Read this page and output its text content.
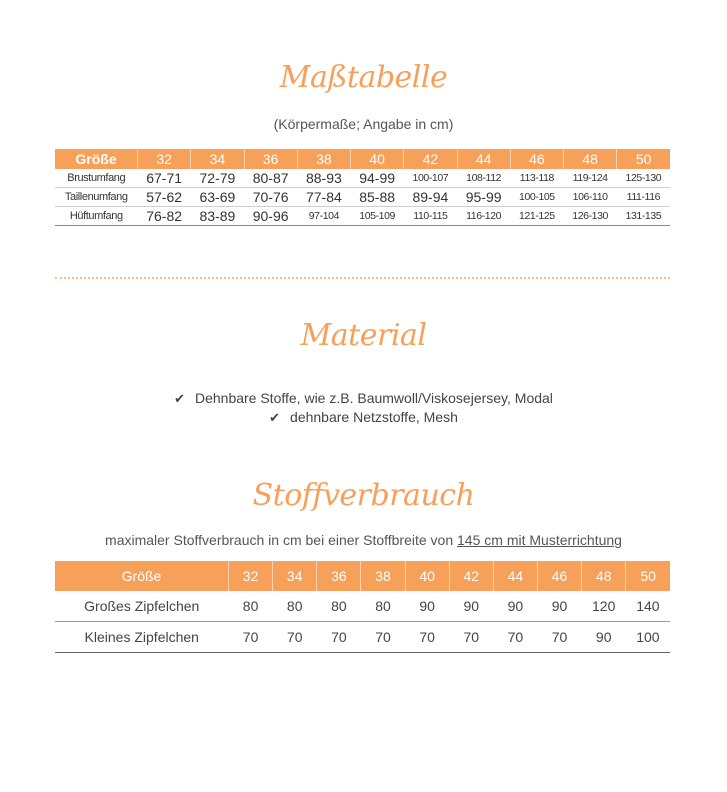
Maßtabelle
(Körpermaße; Angabe in cm)
Größe	32	34	36	38	40	42	44	46	48	50
Brustumfang	67-71	72-79	80-87	88-93	94-99	100-107	108-112	113-118	119-124	125-130
Taillenumfang	57-62	63-69	70-76	77-84	85-88	89-94	95-99	100-105	106-110	111-116
Hüftumfang	76-82	83-89	90-96	97-104	105-109	110-115	116-120	121-125	126-130	131-135
Material
✔ Dehnbare Stoffe, wie z.B. Baumwoll/Viskosejersey, Modal
✔ dehnbare Netzstoffe, Mesh
Stoffverbrauch
maximaler Stoffverbrauch in cm bei einer Stoffbreite von 145 cm mit Musterrichtung
Größe	32	34	36	38	40	42	44	46	48	50
Großes Zipfelchen	80	80	80	80	90	90	90	90	120	140
Kleines Zipfelchen	70	70	70	70	70	70	70	70	90	100
